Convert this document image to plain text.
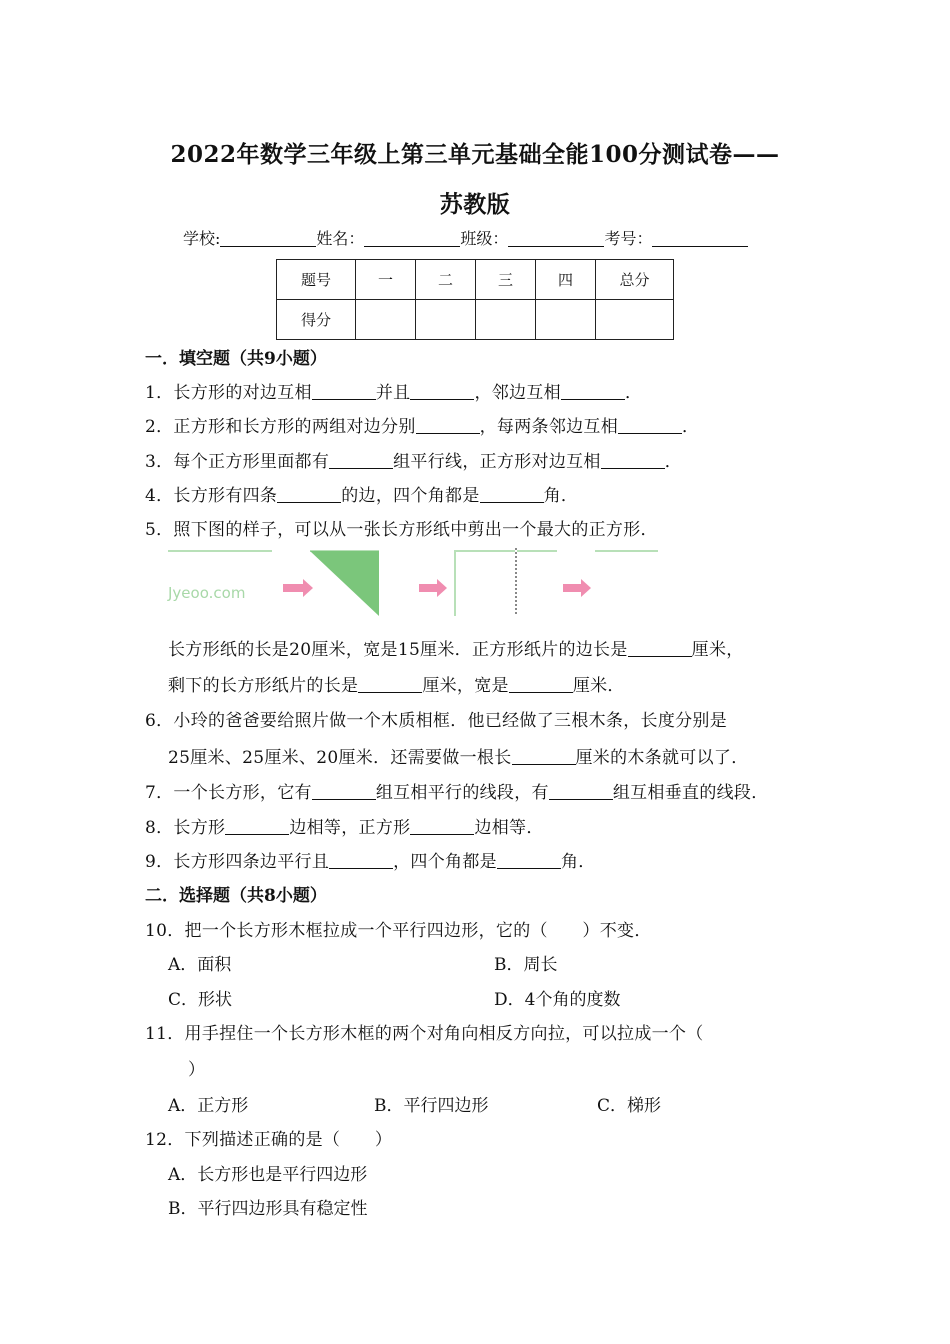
2022年数学三年级上第三单元基础全能100分测试卷——
苏教版
学校:	姓名：	班级：	考号：
题号	一	二	三	四	总分
得分					
一．填空题（共9小题）
1．长方形的对边互相	并且	，邻边互相	．
2．正方形和长方形的两组对边分别	，每两条邻边互相	．
3．每个正方形里面都有	组平行线，正方形对边互相	．
4．长方形有四条	的边，四个角都是	角．
5．照下图的样子，可以从一张长方形纸中剪出一个最大的正方形．
Jyeoo.com
长方形纸的长是20厘米，宽是15厘米．正方形纸片的边长是	厘米，
剩下的长方形纸片的长是	厘米，宽是	厘米．
6．小玲的爸爸要给照片做一个木质相框．他已经做了三根木条，长度分别是
25厘米、25厘米、20厘米．还需要做一根长	厘米的木条就可以了．
7．一个长方形，它有	组互相平行的线段，有	组互相垂直的线段．
8．长方形	边相等，正方形	边相等．
9．长方形四条边平行且	，四个角都是	角．
二．选择题（共8小题）
10．把一个长方形木框拉成一个平行四边形，它的（　　）不变．
A．面积	B．周长
C．形状	D．4个角的度数
11．用手捏住一个长方形木框的两个对角向相反方向拉，可以拉成一个（
）
A．正方形	B．平行四边形	C．梯形
12．下列描述正确的是（　　）
A．长方形也是平行四边形
B．平行四边形具有稳定性
